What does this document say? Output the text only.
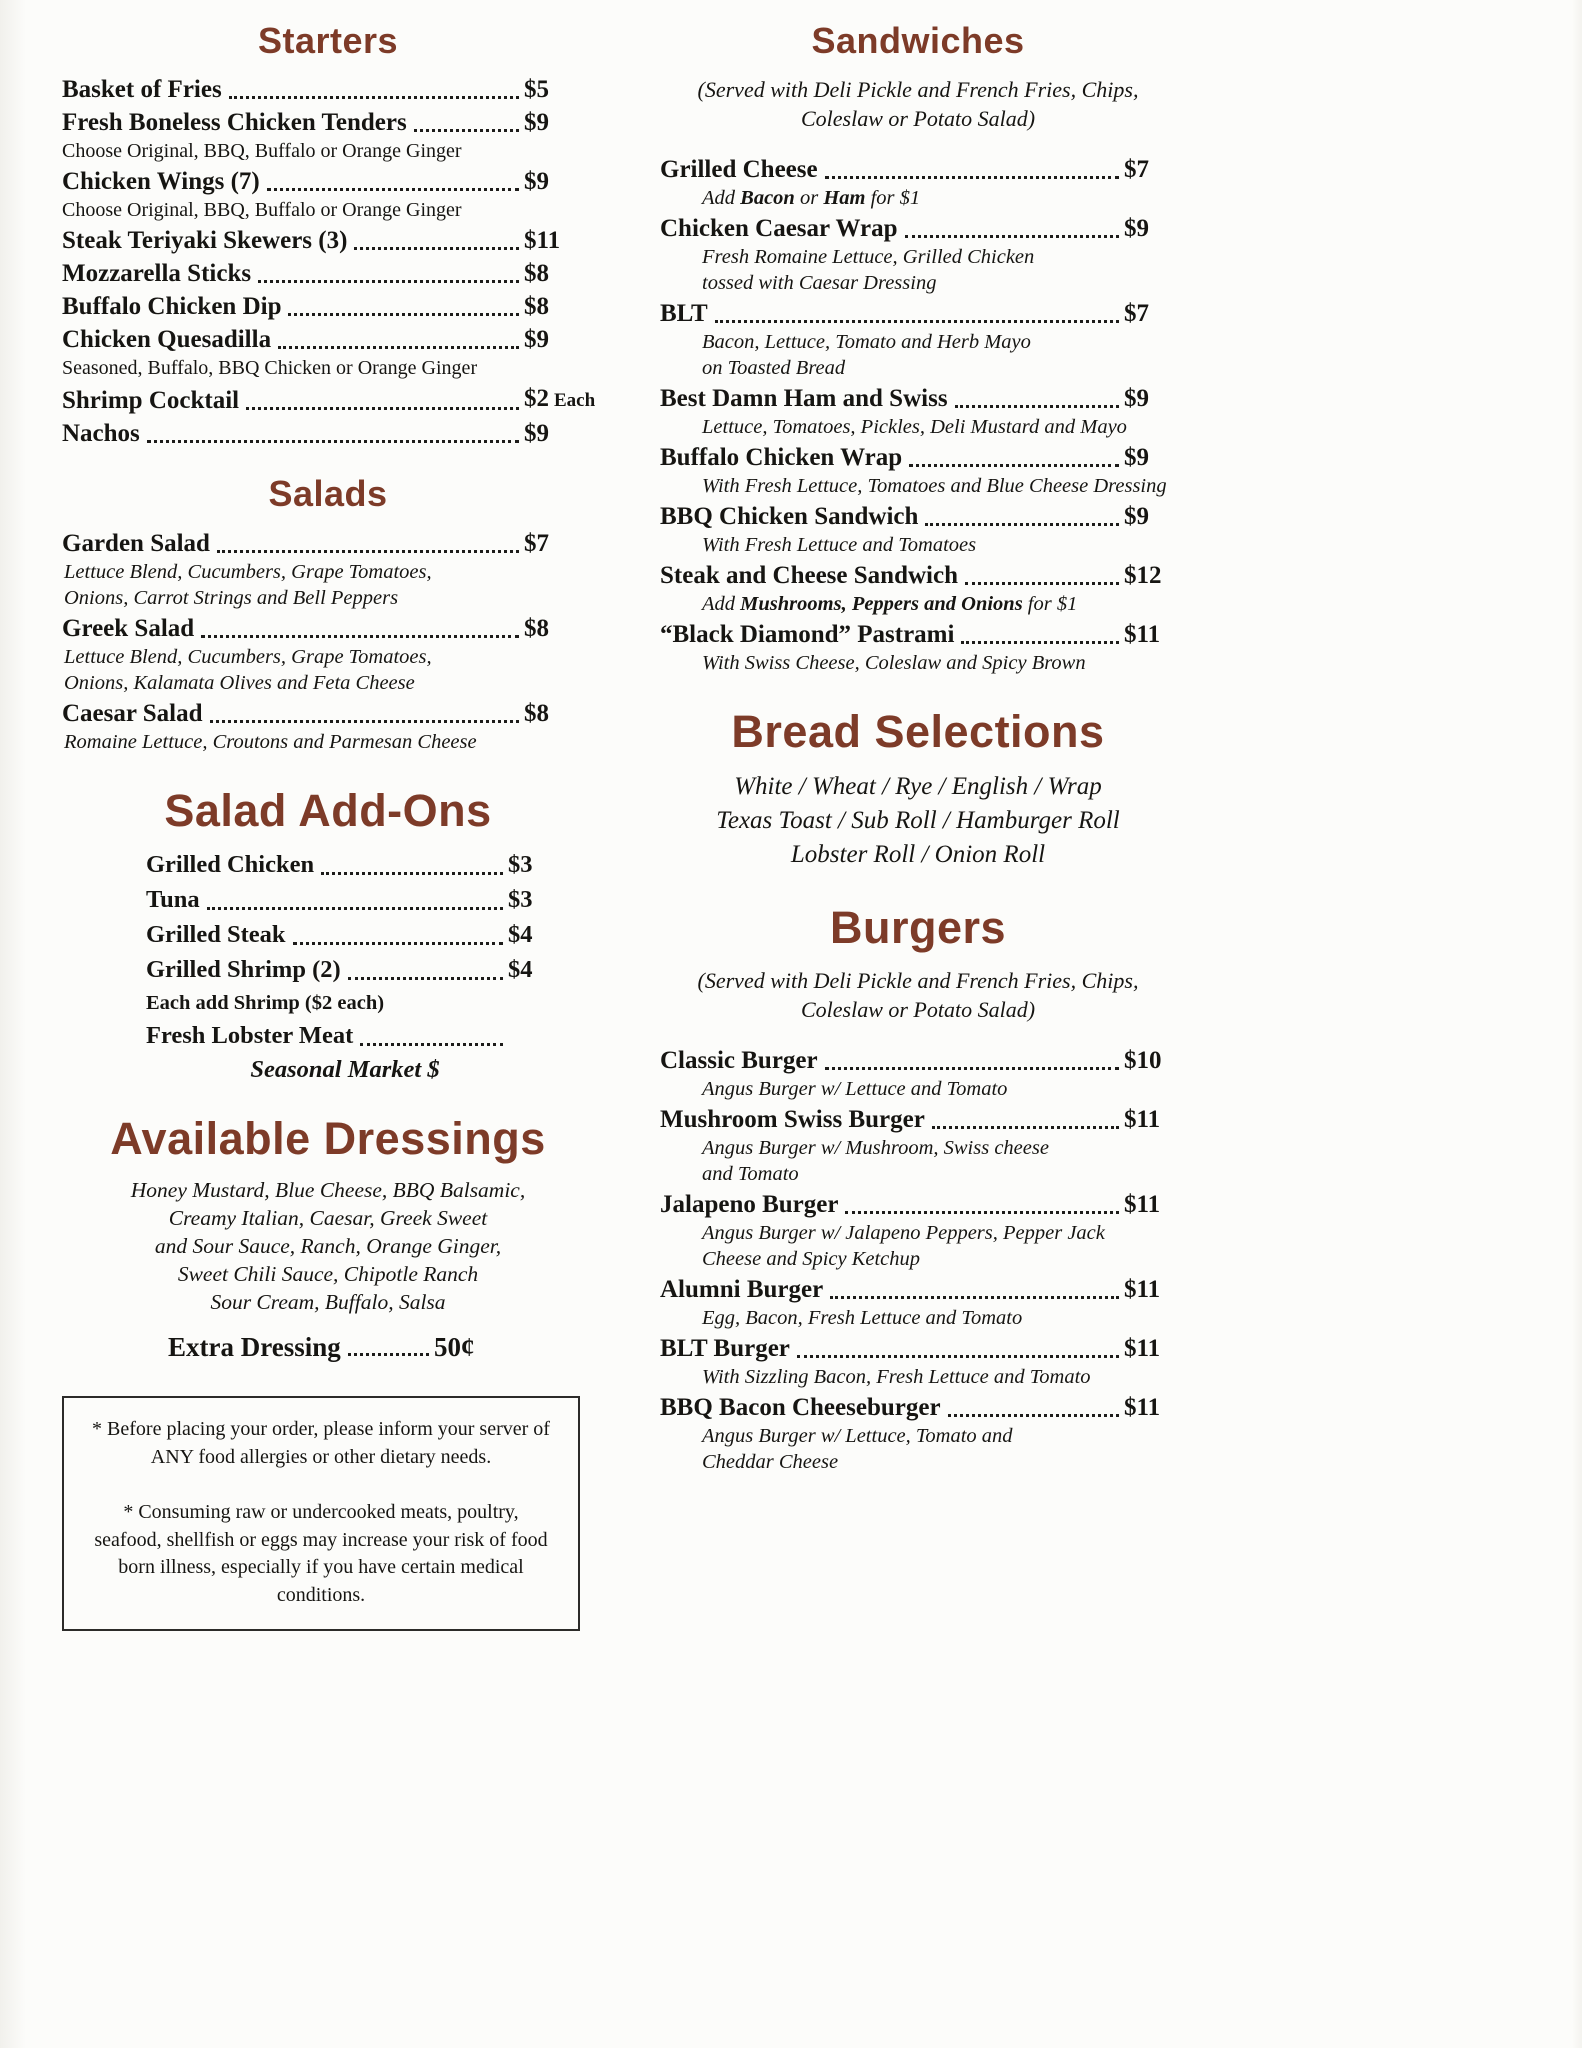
Starters
Basket of Fries	$5
Fresh Boneless Chicken Tenders	$9
Choose Original, BBQ, Buffalo or Orange Ginger
Chicken Wings (7)	$9
Choose Original, BBQ, Buffalo or Orange Ginger
Steak Teriyaki Skewers (3)	$11
Mozzarella Sticks	$8
Buffalo Chicken Dip	$8
Chicken Quesadilla	$9
Seasoned, Buffalo, BBQ Chicken or Orange Ginger
Shrimp Cocktail	$2 Each
Nachos	$9
Salads
Garden Salad	$7
Lettuce Blend, Cucumbers, Grape Tomatoes,
Onions, Carrot Strings and Bell Peppers
Greek Salad	$8
Lettuce Blend, Cucumbers, Grape Tomatoes,
Onions, Kalamata Olives and Feta Cheese
Caesar Salad	$8
Romaine Lettuce, Croutons and Parmesan Cheese
Salad Add-Ons
Grilled Chicken	$3
Tuna	$3
Grilled Steak	$4
Grilled Shrimp (2)	$4
Each add Shrimp ($2 each)
Fresh Lobster Meat
Seasonal Market $
Available Dressings
Honey Mustard, Blue Cheese, BBQ Balsamic,
Creamy Italian, Caesar, Greek Sweet
and Sour Sauce, Ranch, Orange Ginger,
Sweet Chili Sauce, Chipotle Ranch
Sour Cream, Buffalo, Salsa
Extra Dressing	50¢

* Before placing your order, please inform your server of ANY food allergies or other dietary needs.

* Consuming raw or undercooked meats, poultry, seafood, shellfish or eggs may increase your risk of food born illness, especially if you have certain medical conditions.

Sandwiches
(Served with Deli Pickle and French Fries, Chips,
Coleslaw or Potato Salad)
Grilled Cheese	$7
Add Bacon or Ham for $1
Chicken Caesar Wrap	$9
Fresh Romaine Lettuce, Grilled Chicken
tossed with Caesar Dressing
BLT	$7
Bacon, Lettuce, Tomato and Herb Mayo
on Toasted Bread
Best Damn Ham and Swiss	$9
Lettuce, Tomatoes, Pickles, Deli Mustard and Mayo
Buffalo Chicken Wrap	$9
With Fresh Lettuce, Tomatoes and Blue Cheese Dressing
BBQ Chicken Sandwich	$9
With Fresh Lettuce and Tomatoes
Steak and Cheese Sandwich	$12
Add Mushrooms, Peppers and Onions for $1
“Black Diamond” Pastrami	$11
With Swiss Cheese, Coleslaw and Spicy Brown
Bread Selections
White / Wheat / Rye / English / Wrap
Texas Toast / Sub Roll / Hamburger Roll
Lobster Roll / Onion Roll
Burgers
(Served with Deli Pickle and French Fries, Chips,
Coleslaw or Potato Salad)
Classic Burger	$10
Angus Burger w/ Lettuce and Tomato
Mushroom Swiss Burger	$11
Angus Burger w/ Mushroom, Swiss cheese
and Tomato
Jalapeno Burger	$11
Angus Burger w/ Jalapeno Peppers, Pepper Jack
Cheese and Spicy Ketchup
Alumni Burger	$11
Egg, Bacon, Fresh Lettuce and Tomato
BLT Burger	$11
With Sizzling Bacon, Fresh Lettuce and Tomato
BBQ Bacon Cheeseburger	$11
Angus Burger w/ Lettuce, Tomato and
Cheddar Cheese
